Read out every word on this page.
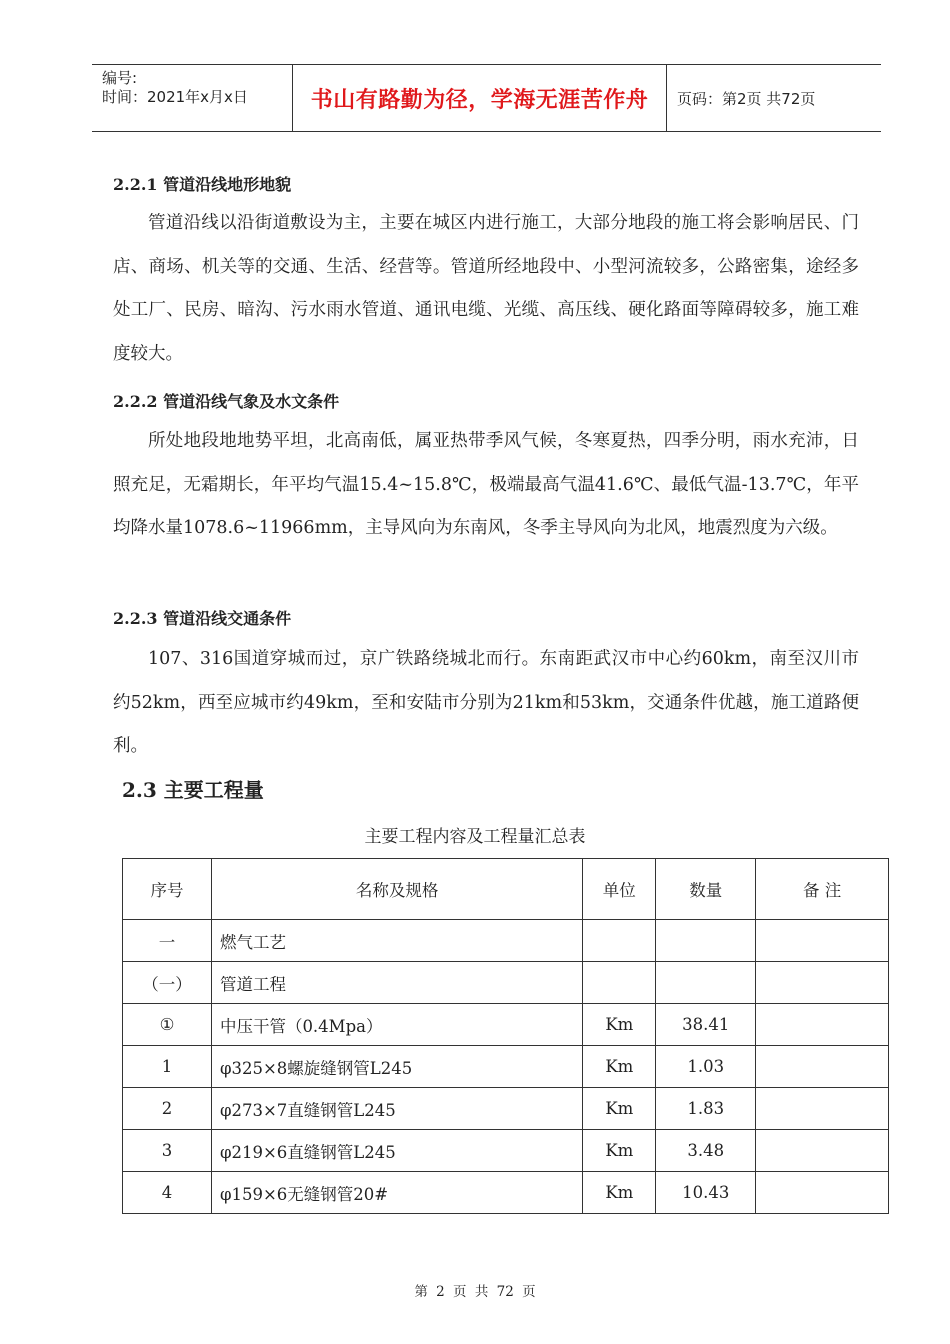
编号:
时间：2021年x月x日	书山有路勤为径，学海无涯苦作舟	页码：第2页 共72页
2.2.1 管道沿线地形地貌
管道沿线以沿街道敷设为主，主要在城区内进行施工，大部分地段的施工将会影响居民、门店、商场、机关等的交通、生活、经营等。管道所经地段中、小型河流较多，公路密集，途经多处工厂、民房、暗沟、污水雨水管道、通讯电缆、光缆、高压线、硬化路面等障碍较多，施工难度较大。
2.2.2 管道沿线气象及水文条件
所处地段地地势平坦，北高南低，属亚热带季风气候，冬寒夏热，四季分明，雨水充沛，日照充足，无霜期长，年平均气温15.4~15.8℃，极端最高气温41.6℃、最低气温-13.7℃，年平均降水量1078.6~11966mm，主导风向为东南风，冬季主导风向为北风，地震烈度为六级。
2.2.3 管道沿线交通条件
107、316国道穿城而过，京广铁路绕城北而行。东南距武汉市中心约60km，南至汉川市约52km，西至应城市约49km，至和安陆市分别为21km和53km，交通条件优越，施工道路便利。
2.3 主要工程量
主要工程内容及工程量汇总表
序号	名称及规格	单位	数量	备 注
一	燃气工艺			
（一）	管道工程			
①	中压干管（0.4Mpa）	Km	38.41	
1	φ325×8螺旋缝钢管L245	Km	1.03	
2	φ273×7直缝钢管L245	Km	1.83	
3	φ219×6直缝钢管L245	Km	3.48	
4	φ159×6无缝钢管20#	Km	10.43	
第 2 页 共 72 页
